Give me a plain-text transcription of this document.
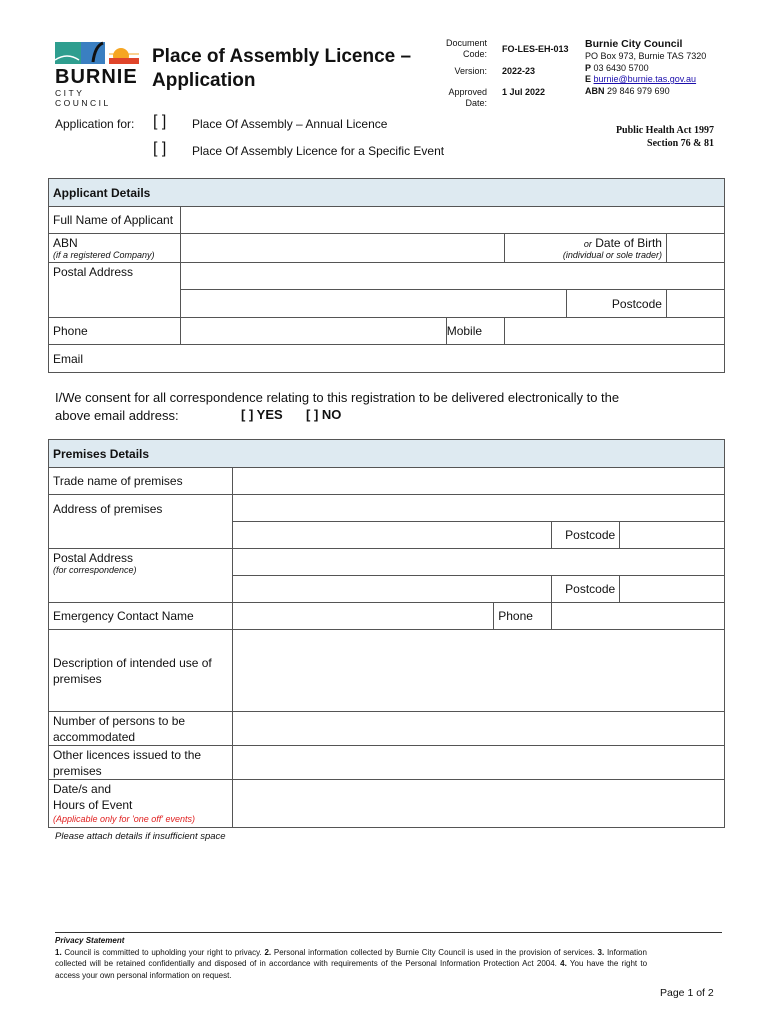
BURNIE
CITY COUNCIL
Place of Assembly Licence –
Application
Document Code: FO-LES-EH-013
Version: 2022-23
Approved Date:
1 Jul 2022
Burnie City Council
PO Box 973, Burnie TAS 7320
P 03 6430 5700
E burnie@burnie.tas.gov.au
ABN 29 846 979 690
Application for: [ ] Place Of Assembly – Annual Licence
[ ] Place Of Assembly Licence for a Specific Event
Public Health Act 1997
Section 76 & 81
Applicant Details					
Full Name of Applicant					
ABN
(if a registered Company)			or Date of Birth
(individual or sole trader)		

Postal Address					
				Postcode	
Phone		Mobile			
Email					
I/We consent for all correspondence relating to this registration to be delivered electronically to the
above email address:	[ ] YES [ ] NO
Premises Details				
Trade name of premises				
Address of premises				
			Postcode	
Postal Address
(for correspondence)				

			Postcode	
Emergency Contact Name		Phone		
Description of intended use of premises				
Number of persons to be accommodated				
Other licences issued to the premises				

Date/s and
Hours of Event
(Applicable only for 'one off' events)				

Please attach details if insufficient space
Privacy Statement
1. Council is committed to upholding your right to privacy. 2. Personal information collected by Burnie City Council is used in the provision of services. 3. Information collected will be retained confidentially and disposed of in accordance with requirements of the Personal Information Protection Act 2004. 4. You have the right to access your own personal information on request.
Page 1 of 2
